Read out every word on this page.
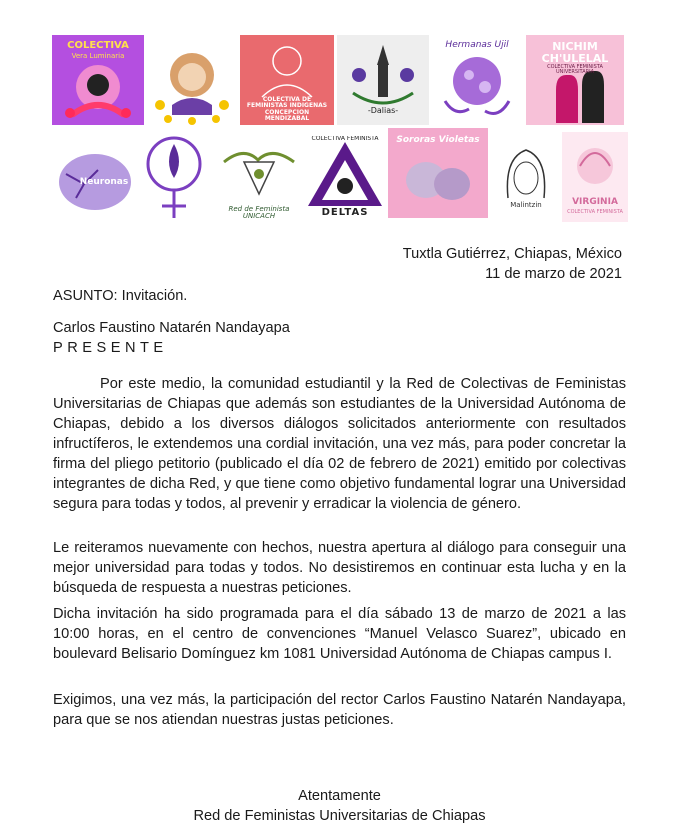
COLECTIVA
Vera Luminaria
COLECTIVA DE FEMINISTAS INDIGENAS CONCEPCION MENDIZABAL
-Dalias-
Hermanas Ujil	NICHIM CH'ULELAL
COLECTIVA FEMINISTA UNIVERSITARIA
Neuronas
Red de Feminista UNICACH	DELTAS
COLECTIVA FEMINISTA	Sororas Violetas
Malintzin	VIRGINIA
COLECTIVA FEMINISTA
Tuxtla Gutiérrez, Chiapas, México
11 de marzo de 2021
ASUNTO: Invitación.
Carlos Faustino Natarén Nandayapa
PRESENTE
Por este medio, la comunidad estudiantil y la Red de Colectivas de Feministas Universitarias de Chiapas que además son estudiantes de la Universidad Autónoma de Chiapas, debido a los diversos diálogos solicitados anteriormente con resultados infructíferos, le extendemos una cordial invitación, una vez más, para poder concretar la firma del pliego petitorio (publicado el día 02 de febrero de 2021) emitido por colectivas integrantes de dicha Red, y que tiene como objetivo fundamental lograr una Universidad segura para todas y todos, al prevenir y erradicar la violencia de género.
Le reiteramos nuevamente con hechos, nuestra apertura al diálogo para conseguir una mejor universidad para todas y todos. No desistiremos en continuar esta lucha y en la búsqueda de respuesta a nuestras peticiones.
Dicha invitación ha sido programada para el día sábado 13 de marzo de 2021 a las 10:00 horas, en el centro de convenciones “Manuel Velasco Suarez”, ubicado en boulevard Belisario Domínguez km 1081 Universidad Autónoma de Chiapas campus I.
Exigimos, una vez más, la participación del rector Carlos Faustino Natarén Nandayapa, para que se nos atiendan nuestras justas peticiones.
Atentamente
Red de Feministas Universitarias de Chiapas
